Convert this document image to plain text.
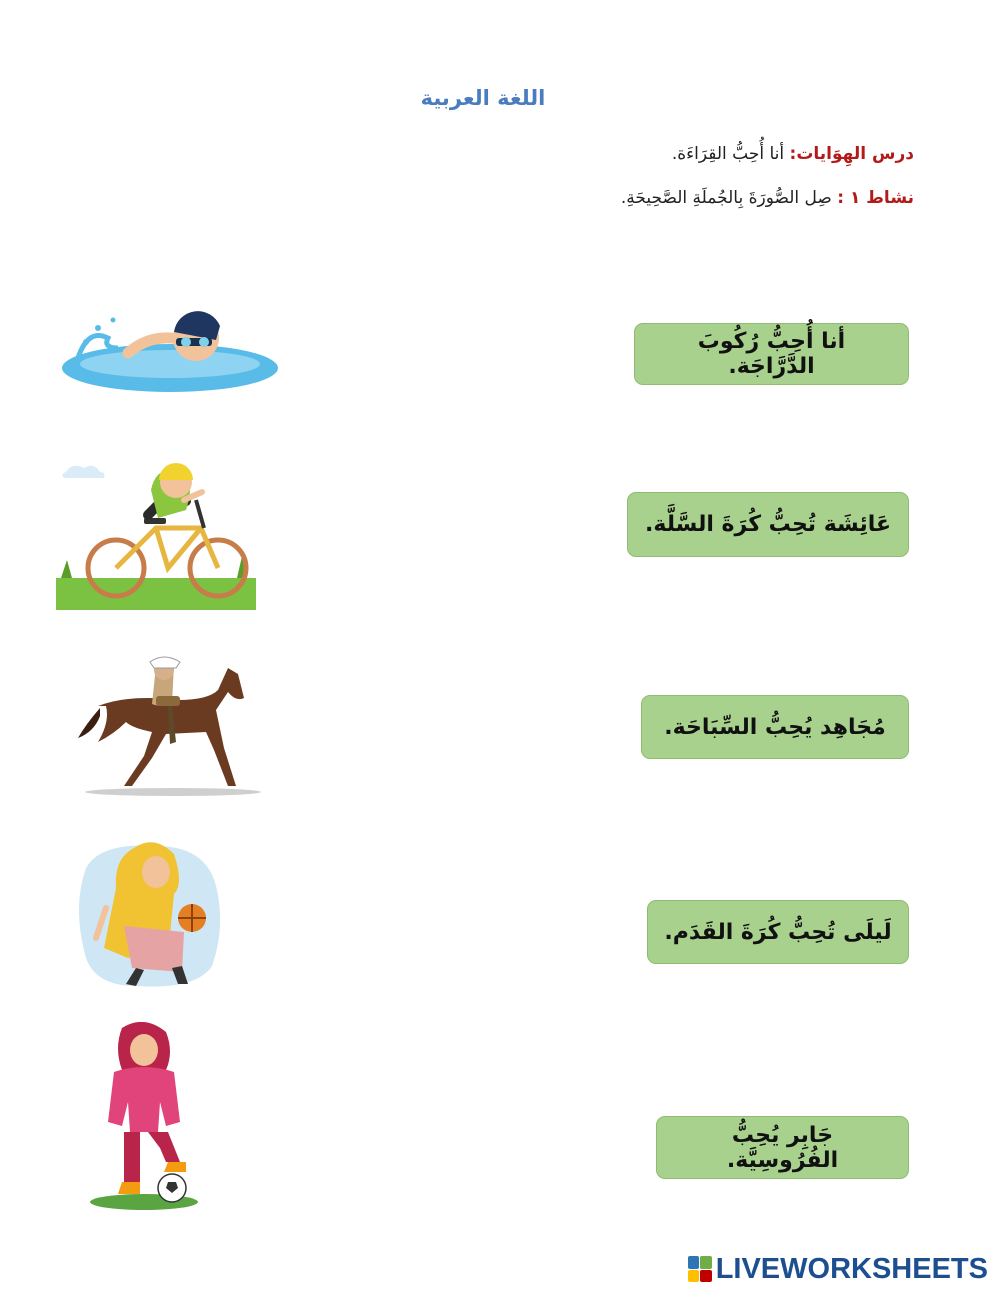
اللغة العربية
درس الهِوَايات: أنا أُحِبُّ القِرَاءَة.
نشاط ١ : صِل الصُّورَةَ بِالجُملَةِ الصَّحِيحَةِ.
أنا أُحِبُّ رُكُوبَ الدَّرَّاجَة.
عَائِشَة تُحِبُّ كُرَةَ السَّلَّة.
مُجَاهِد يُحِبُّ السِّبَاحَة.
لَيلَى تُحِبُّ كُرَةَ القَدَم.
جَابِر يُحِبُّ الفُرُوسِيَّة.
LIVEWORKSHEETS
